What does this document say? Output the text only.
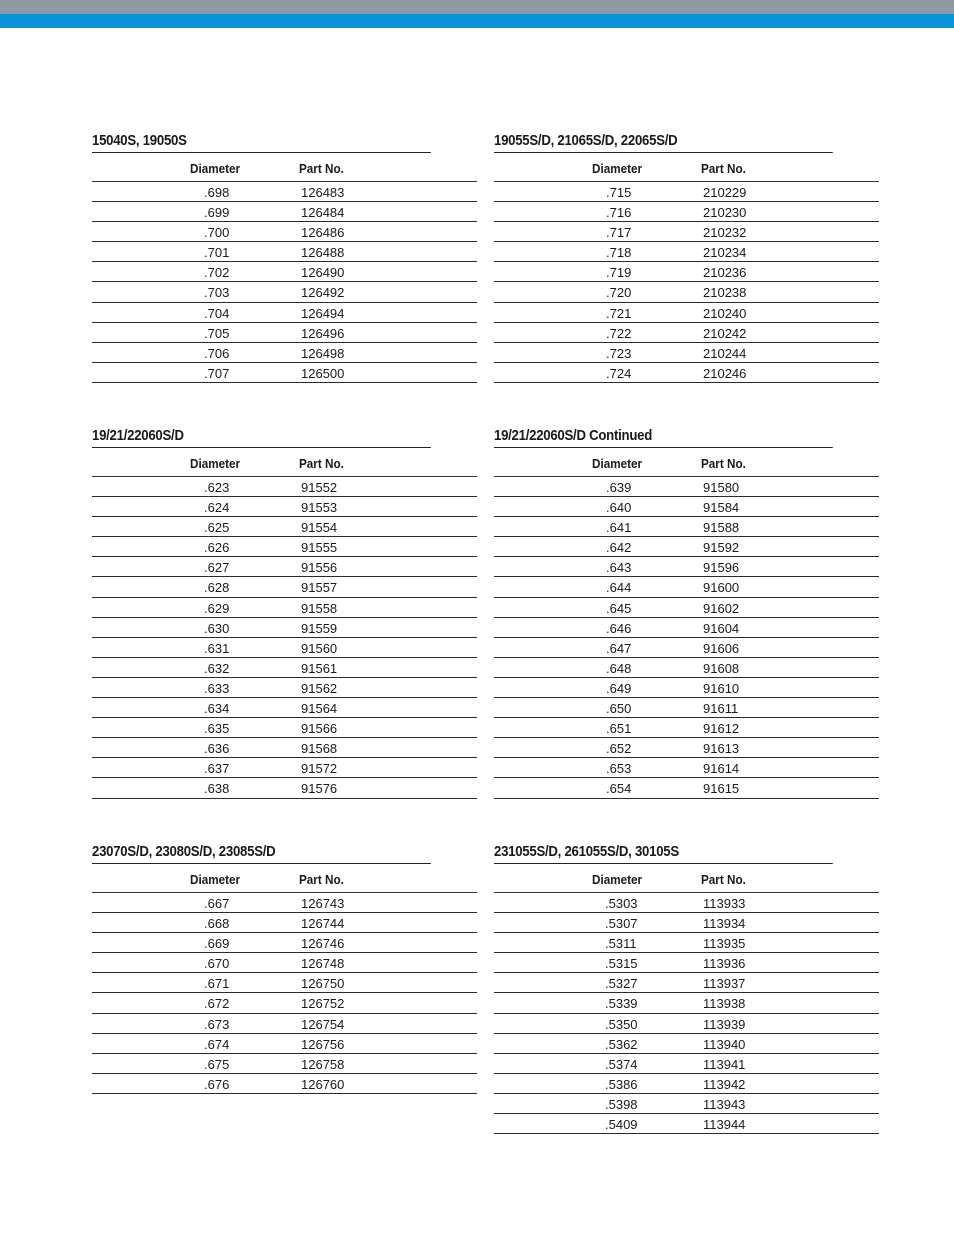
15040S, 19050S
Diameter	Part No.
.698	126483
.699	126484
.700	126486
.701	126488
.702	126490
.703	126492
.704	126494
.705	126496
.706	126498
.707	126500
19055S/D, 21065S/D, 22065S/D
Diameter	Part No.
.715	210229
.716	210230
.717	210232
.718	210234
.719	210236
.720	210238
.721	210240
.722	210242
.723	210244
.724	210246
19/21/22060S/D
Diameter	Part No.
.623	91552
.624	91553
.625	91554
.626	91555
.627	91556
.628	91557
.629	91558
.630	91559
.631	91560
.632	91561
.633	91562
.634	91564
.635	91566
.636	91568
.637	91572
.638	91576
19/21/22060S/D Continued
Diameter	Part No.
.639	91580
.640	91584
.641	91588
.642	91592
.643	91596
.644	91600
.645	91602
.646	91604
.647	91606
.648	91608
.649	91610
.650	91611
.651	91612
.652	91613
.653	91614
.654	91615
23070S/D, 23080S/D, 23085S/D
Diameter	Part No.
.667	126743
.668	126744
.669	126746
.670	126748
.671	126750
.672	126752
.673	126754
.674	126756
.675	126758
.676	126760
231055S/D, 261055S/D, 30105S
Diameter	Part No.
.5303	113933
.5307	113934
.5311	113935
.5315	113936
.5327	113937
.5339	113938
.5350	113939
.5362	113940
.5374	113941
.5386	113942
.5398	113943
.5409	113944
